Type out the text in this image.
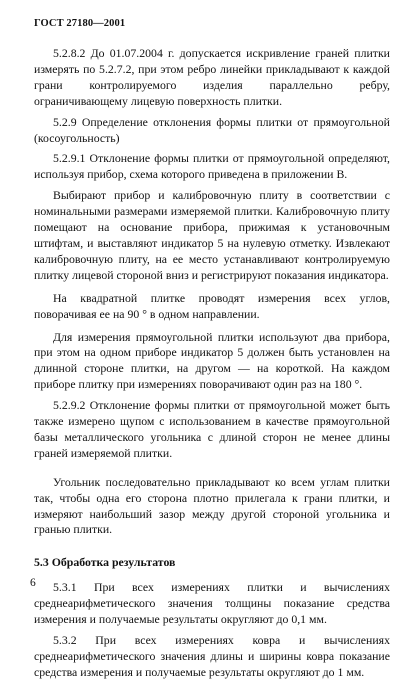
ГОСТ 27180—2001

5.2.8.2 До 01.07.2004 г. допускается искривление граней плитки измерять по 5.2.7.2, при этом ребро линейки прикладывают к каждой грани контролируемого изделия параллельно ребру, ограничивающему лицевую поверхность плитки.

5.2.9 Определение отклонения формы плитки от прямоугольной (косоугольность)

5.2.9.1 Отклонение формы плитки от прямоугольной определяют, используя прибор, схема которого приведена в приложении В.

Выбирают прибор и калибровочную плиту в соответствии с номинальными размерами измеряемой плитки. Калибровочную плиту помещают на основание прибора, прижимая к установочным штифтам, и выставляют индикатор 5 на нулевую отметку. Извлекают калибровочную плиту, на ее место устанавливают контролируемую плитку лицевой стороной вниз и регистрируют показания индикатора.

На квадратной плитке проводят измерения всех углов, поворачивая ее на 90 ° в одном направлении.

Для измерения прямоугольной плитки используют два прибора, при этом на одном приборе индикатор 5 должен быть установлен на длинной стороне плитки, на другом — на короткой. На каждом приборе плитку при измерениях поворачивают один раз на 180 °.

5.2.9.2 Отклонение формы плитки от прямоугольной может быть также измерено щупом с использованием в качестве прямоугольной базы металлического угольника с длиной сторон не менее длины граней измеряемой плитки.

Угольник последовательно прикладывают ко всем углам плитки так, чтобы одна его сторона плотно прилегала к грани плитки, и измеряют наибольший зазор между другой стороной угольника и гранью плитки.

5.3 Обработка результатов

5.3.1 При всех измерениях плитки и вычислениях среднеарифметического значения толщины показание средства измерения и получаемые результаты округляют до 0,1 мм.

5.3.2 При всех измерениях ковра и вычислениях среднеарифметического значения длины и ширины ковра показание средства измерения и получаемые результаты округляют до 1 мм.

6
